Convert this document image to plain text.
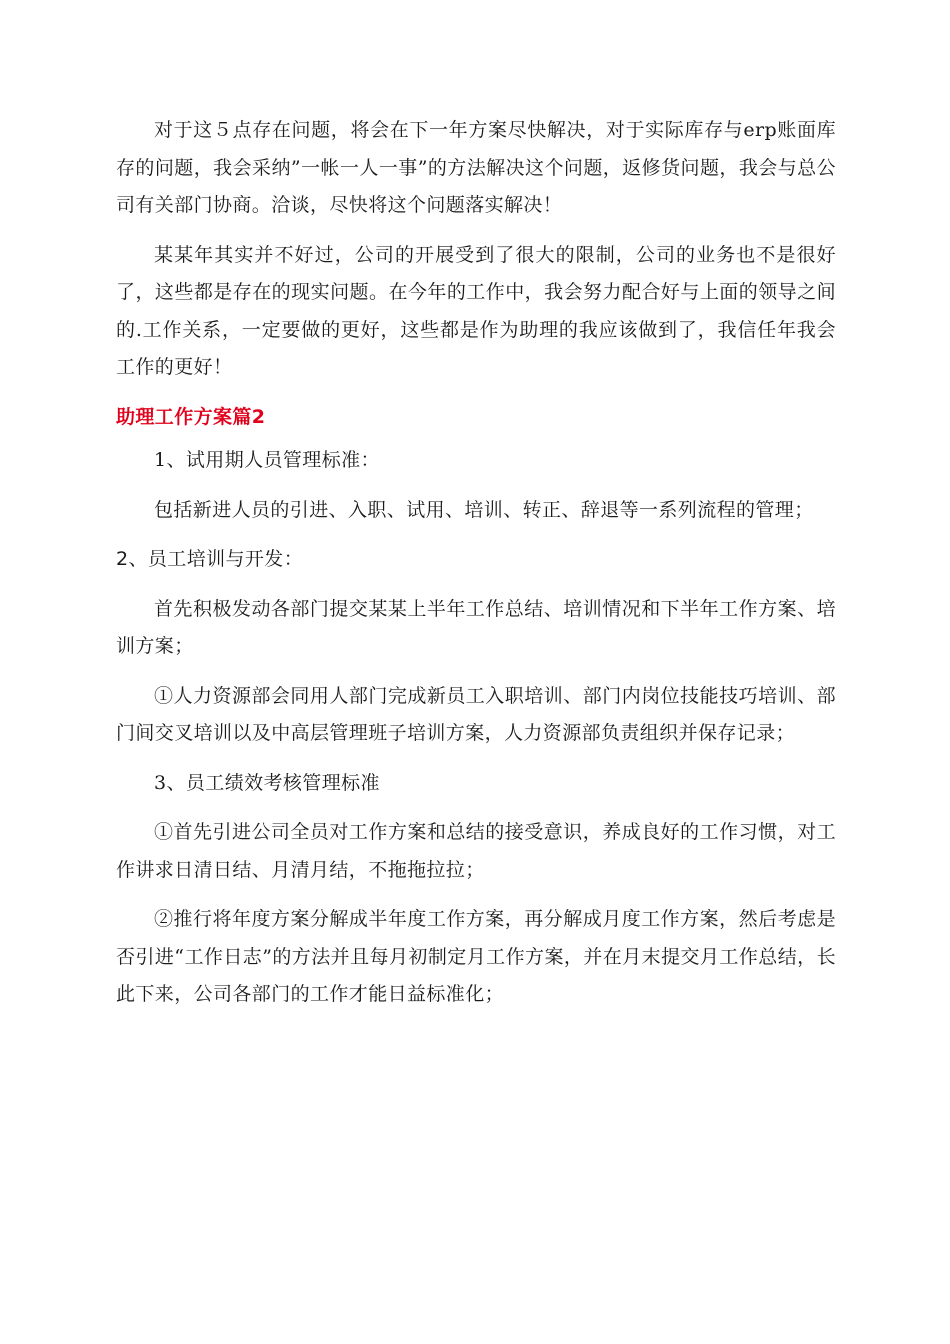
对于这５点存在问题，将会在下一年方案尽快解决，对于实际库存与erp账面库存的问题，我会采纳”一帐一人一事”的方法解决这个问题，返修货问题，我会与总公司有关部门协商。洽谈，尽快将这个问题落实解决！

某某年其实并不好过，公司的开展受到了很大的限制，公司的业务也不是很好了，这些都是存在的现实问题。在今年的工作中，我会努力配合好与上面的领导之间的.工作关系，一定要做的更好，这些都是作为助理的我应该做到了，我信任年我会工作的更好！

助理工作方案篇2

1、试用期人员管理标准：

包括新进人员的引进、入职、试用、培训、转正、辞退等一系列流程的管理；

2、员工培训与开发：

首先积极发动各部门提交某某上半年工作总结、培训情况和下半年工作方案、培训方案；

①人力资源部会同用人部门完成新员工入职培训、部门内岗位技能技巧培训、部门间交叉培训以及中高层管理班子培训方案，人力资源部负责组织并保存记录；

3、员工绩效考核管理标准

①首先引进公司全员对工作方案和总结的接受意识，养成良好的工作习惯，对工作讲求日清日结、月清月结，不拖拖拉拉；

②推行将年度方案分解成半年度工作方案，再分解成月度工作方案，然后考虑是否引进“工作日志”的方法并且每月初制定月工作方案，并在月末提交月工作总结，长此下来，公司各部门的工作才能日益标准化；
